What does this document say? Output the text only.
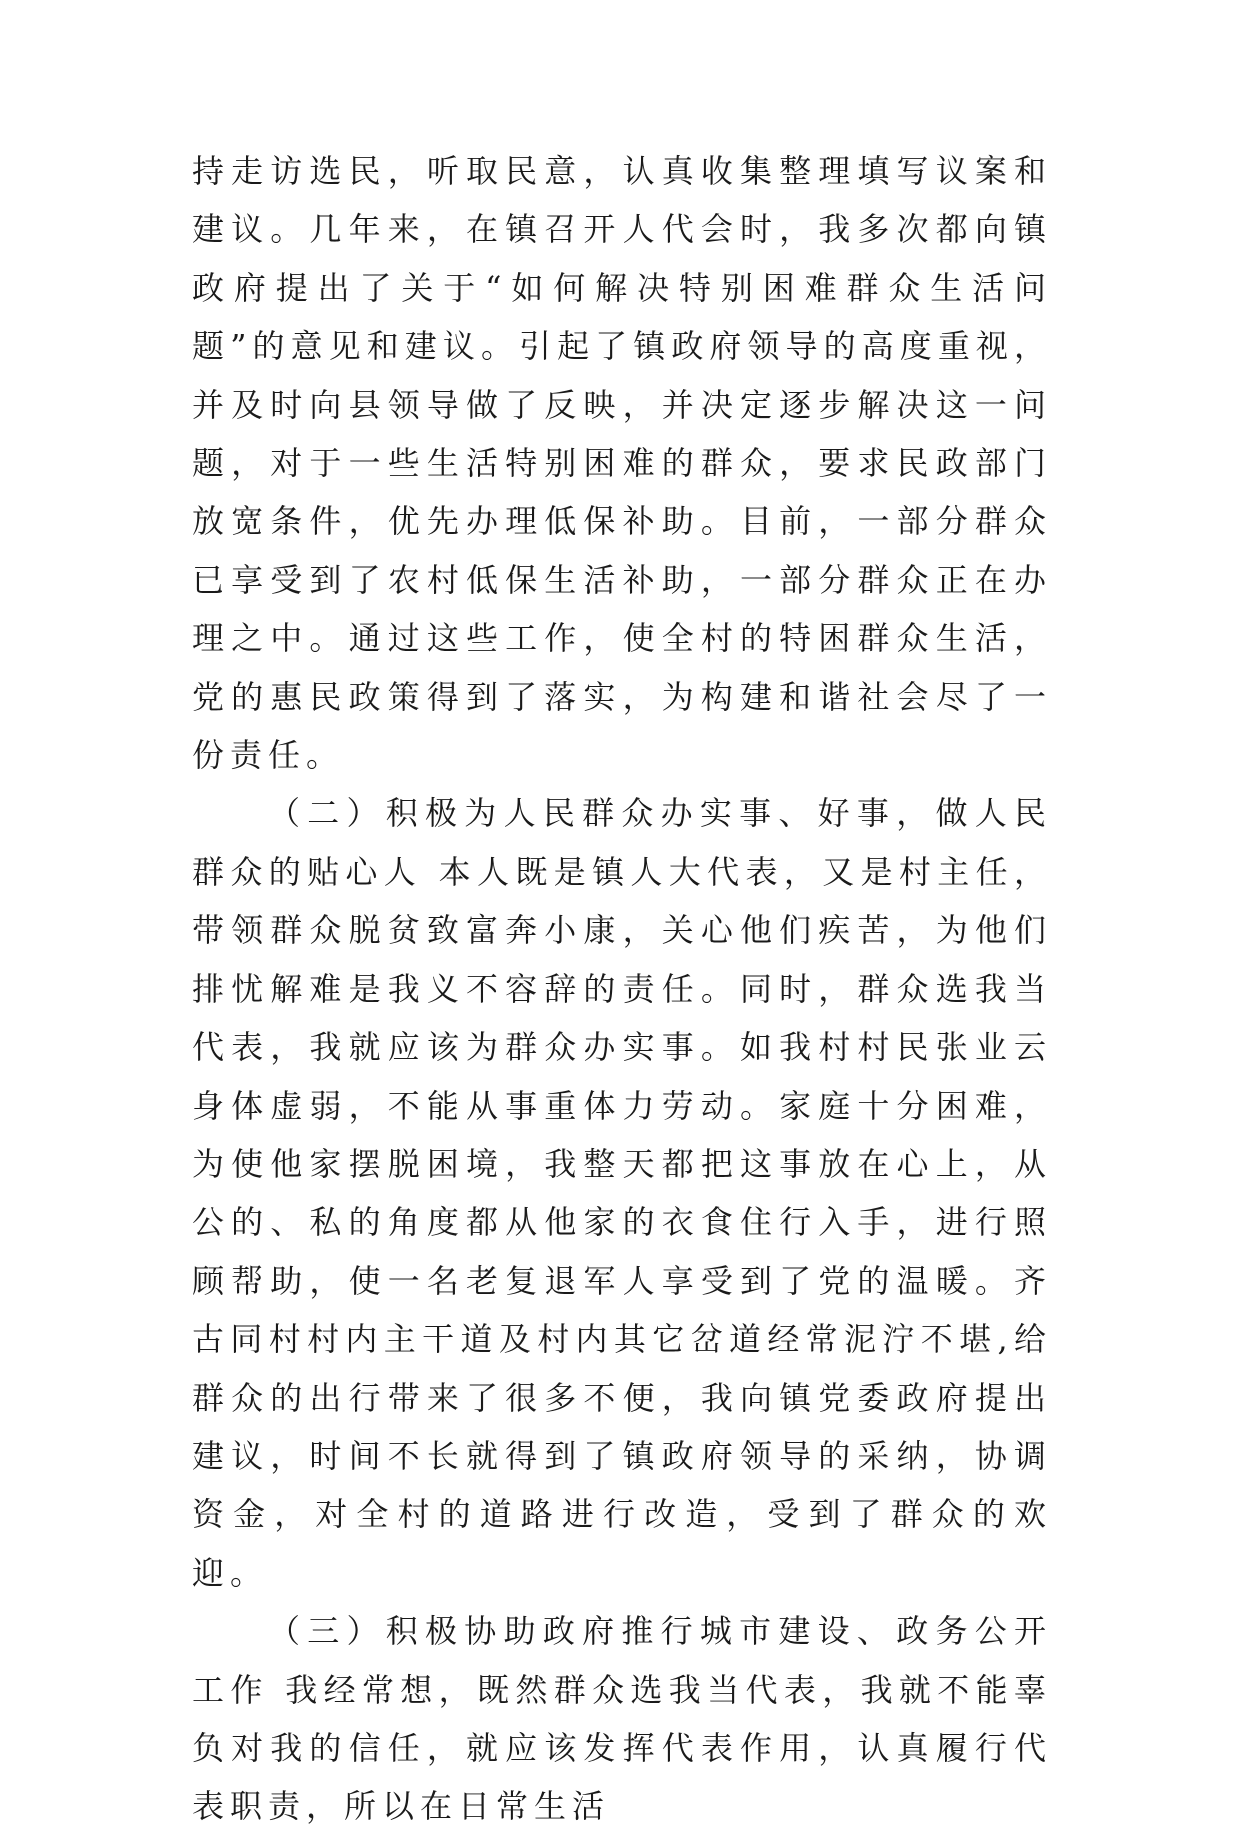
持走访选民，听取民意，认真收集整理填写议案和建议。几年来，在镇召开人代会时，我多次都向镇政府提出了关于“如何解决特别困难群众生活问题”的意见和建议。引起了镇政府领导的高度重视，并及时向县领导做了反映，并决定逐步解决这一问题，对于一些生活特别困难的群众，要求民政部门放宽条件，优先办理低保补助。目前，一部分群众已享受到了农村低保生活补助，一部分群众正在办理之中。通过这些工作，使全村的特困群众生活，党的惠民政策得到了落实，为构建和谐社会尽了一份责任。

（二）积极为人民群众办实事、好事，做人民群众的贴心人 本人既是镇人大代表，又是村主任，带领群众脱贫致富奔小康，关心他们疾苦，为他们排忧解难是我义不容辞的责任。同时，群众选我当代表，我就应该为群众办实事。如我村村民张业云身体虚弱，不能从事重体力劳动。家庭十分困难，为使他家摆脱困境，我整天都把这事放在心上，从公的、私的角度都从他家的衣食住行入手，进行照顾帮助，使一名老复退军人享受到了党的温暖。齐古同村村内主干道及村内其它岔道经常泥泞不堪,给群众的出行带来了很多不便，我向镇党委政府提出建议，时间不长就得到了镇政府领导的采纳，协调资金，对全村的道路进行改造，受到了群众的欢迎。

（三）积极协助政府推行城市建设、政务公开工作 我经常想，既然群众选我当代表，我就不能辜负对我的信任，就应该发挥代表作用，认真履行代表职责，所以在日常生活
